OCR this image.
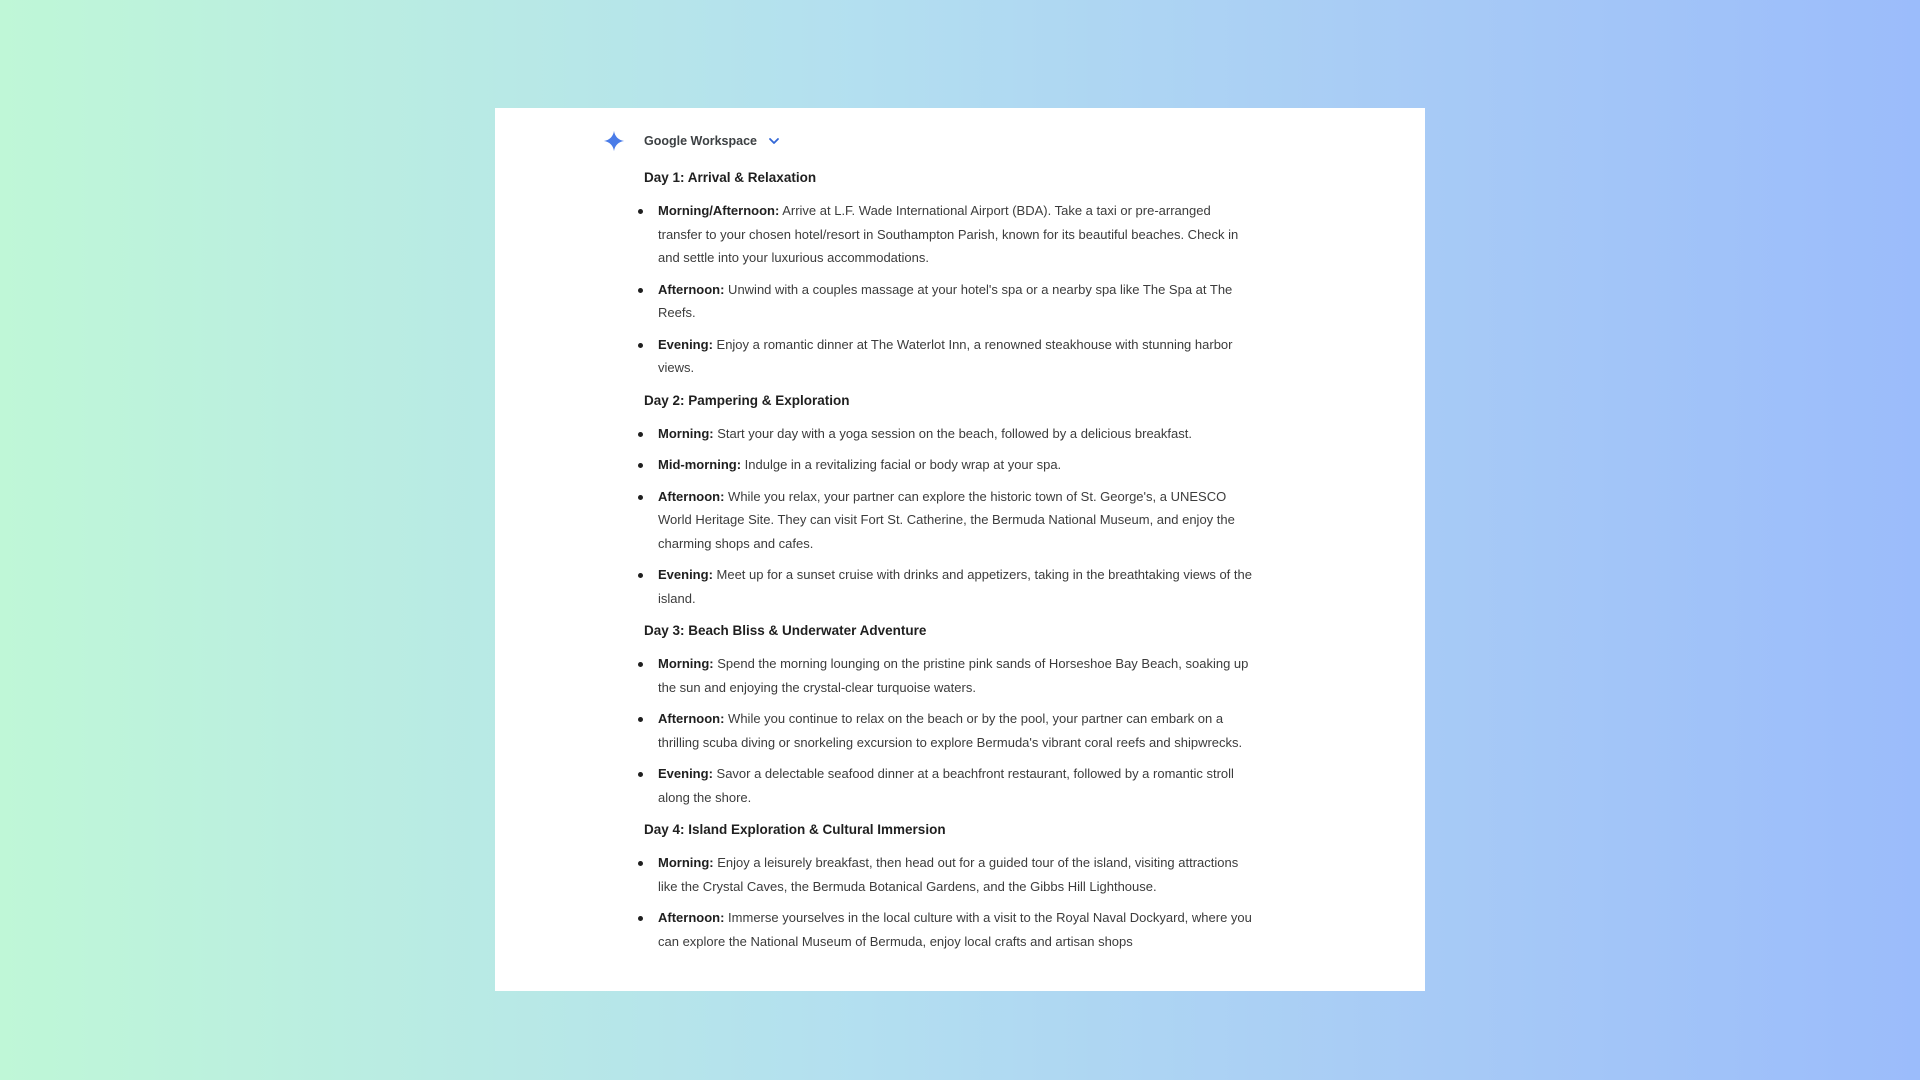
Google Workspace
Day 1: Arrival & Relaxation
Morning/Afternoon: Arrive at L.F. Wade International Airport (BDA). Take a taxi or pre-arranged transfer to your chosen hotel/resort in Southampton Parish, known for its beautiful beaches. Check in and settle into your luxurious accommodations.
Afternoon: Unwind with a couples massage at your hotel's spa or a nearby spa like The Spa at The Reefs.
Evening: Enjoy a romantic dinner at The Waterlot Inn, a renowned steakhouse with stunning harbor views.
Day 2: Pampering & Exploration
Morning: Start your day with a yoga session on the beach, followed by a delicious breakfast.
Mid-morning: Indulge in a revitalizing facial or body wrap at your spa.
Afternoon: While you relax, your partner can explore the historic town of St. George's, a UNESCO World Heritage Site. They can visit Fort St. Catherine, the Bermuda National Museum, and enjoy the charming shops and cafes.
Evening: Meet up for a sunset cruise with drinks and appetizers, taking in the breathtaking views of the island.
Day 3: Beach Bliss & Underwater Adventure
Morning: Spend the morning lounging on the pristine pink sands of Horseshoe Bay Beach, soaking up the sun and enjoying the crystal-clear turquoise waters.
Afternoon: While you continue to relax on the beach or by the pool, your partner can embark on a thrilling scuba diving or snorkeling excursion to explore Bermuda's vibrant coral reefs and shipwrecks.
Evening: Savor a delectable seafood dinner at a beachfront restaurant, followed by a romantic stroll along the shore.
Day 4: Island Exploration & Cultural Immersion
Morning: Enjoy a leisurely breakfast, then head out for a guided tour of the island, visiting attractions like the Crystal Caves, the Bermuda Botanical Gardens, and the Gibbs Hill Lighthouse.
Afternoon: Immerse yourselves in the local culture with a visit to the Royal Naval Dockyard, where you can explore the National Museum of Bermuda, enjoy local crafts and artisan shops
